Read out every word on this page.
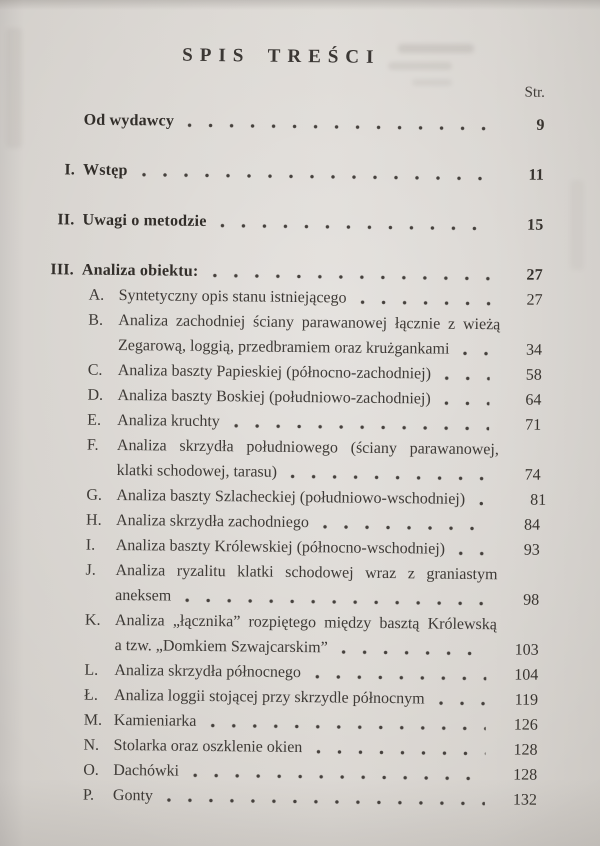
SPIS TREŚCI
Str.
Od wydawcy	9
I. Wstęp	11
II. Uwagi o metodzie	15
III. Analiza obiektu:	27
A. Syntetyczny opis stanu istniejącego	27
B. Analiza zachodniej ściany parawanowej łącznie z wieżą
Zegarową, loggią, przedbramiem oraz krużgankami	34
C. Analiza baszty Papieskiej (północno-zachodniej)	58
D. Analiza baszty Boskiej (południowo-zachodniej)	64
E.	Analiza kruchty	71
F.	Analiza skrzydła południowego (ściany parawanowej,
klatki schodowej, tarasu)	74
G. Analiza baszty Szlacheckiej (południowo-wschodniej)	81
H. Analiza skrzydła zachodniego	84
I.	Analiza baszty Królewskiej (północno-wschodniej)	93
J.	Analiza ryzalitu klatki schodowej wraz z graniastym
aneksem	98
K. Analiza „łącznika” rozpiętego między basztą Królewską
a tzw. „Domkiem Szwajcarskim”	103
L.	Analiza skrzydła północnego	104
Ł.	Analiza loggii stojącej przy skrzydle północnym	119
M. Kamieniarka	126
N. Stolarka oraz oszklenie okien	128
O. Dachówki	128
P.	Gonty	132
